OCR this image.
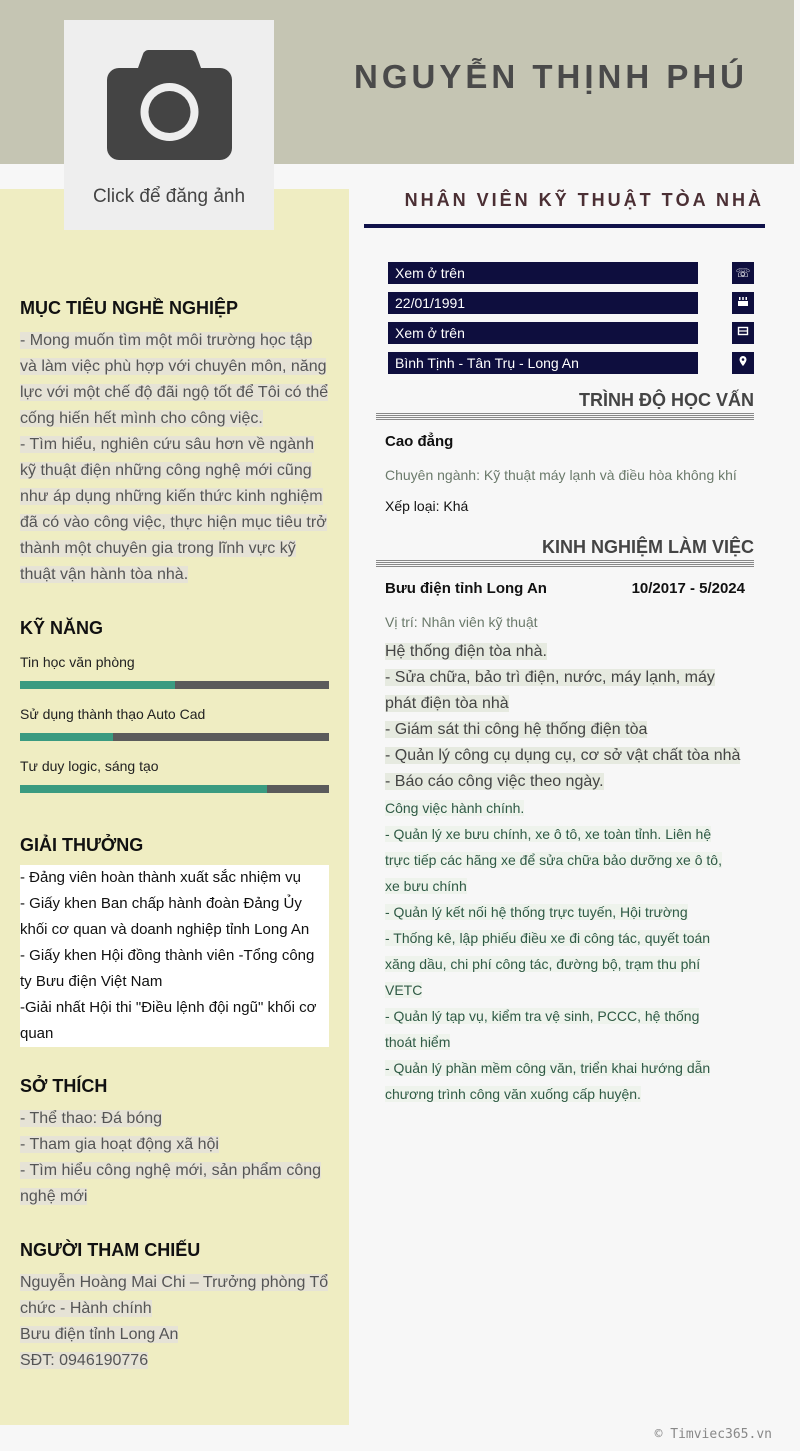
NGUYỄN THỊNH PHÚ
Click để đăng ảnh	NHÂN VIÊN KỸ THUẬT TÒA NHÀ
Xem ở trên	☏
22/01/1991
Xem ở trên
Bình Tịnh - Tân Trụ - Long An
MỤC TIÊU NGHỀ NGHIỆP
- Mong muốn tìm một môi trường học tập
và làm việc phù hợp với chuyên môn, năng
lực với một chế độ đãi ngộ tốt để Tôi có thể
cống hiến hết mình cho công việc.
- Tìm hiểu, nghiên cứu sâu hơn về ngành
kỹ thuật điện những công nghệ mới cũng
như áp dụng những kiến thức kinh nghiệm
đã có vào công việc, thực hiện mục tiêu trở
thành một chuyên gia trong lĩnh vực kỹ
thuật vận hành tòa nhà.
KỸ NĂNG
Tin học văn phòng
Sử dụng thành thạo Auto Cad
Tư duy logic, sáng tạo
GIẢI THƯỞNG
- Đảng viên hoàn thành xuất sắc nhiệm vụ
- Giấy khen Ban chấp hành đoàn Đảng Ủy
khối cơ quan và doanh nghiệp tỉnh Long An
- Giấy khen Hội đồng thành viên -Tổng công
ty Bưu điện Việt Nam
-Giải nhất Hội thi "Điều lệnh đội ngũ" khối cơ
quan
SỞ THÍCH
- Thể thao: Đá bóng
- Tham gia hoạt động xã hội
- Tìm hiểu công nghệ mới, sản phẩm công
nghệ mới
NGƯỜI THAM CHIẾU
Nguyễn Hoàng Mai Chi – Trưởng phòng Tổ
chức - Hành chính
Bưu điện tỉnh Long An
SĐT: 0946190776
TRÌNH ĐỘ HỌC VẤN
Cao đẳng
Chuyên ngành: Kỹ thuật máy lạnh và điều hòa không khí
Xếp loại: Khá
KINH NGHIỆM LÀM VIỆC
Bưu điện tỉnh Long An	10/2017 - 5/2024
Vị trí: Nhân viên kỹ thuật
Hệ thống điện tòa nhà.
- Sửa chữa, bảo trì điện, nước, máy lạnh, máy
phát điện tòa nhà
- Giám sát thi công hệ thống điện tòa
- Quản lý công cụ dụng cụ, cơ sở vật chất tòa nhà
- Báo cáo công việc theo ngày.
Công việc hành chính.
- Quản lý xe bưu chính, xe ô tô, xe toàn tỉnh. Liên hệ
trực tiếp các hãng xe để sửa chữa bảo dưỡng xe ô tô,
xe bưu chính
- Quản lý kết nối hệ thống trực tuyến, Hội trường
- Thống kê, lập phiếu điều xe đi công tác, quyết toán
xăng dầu, chi phí công tác, đường bộ, trạm thu phí
VETC
- Quản lý tạp vụ, kiểm tra vệ sinh, PCCC, hệ thống
thoát hiểm
- Quản lý phần mềm công văn, triển khai hướng dẫn
chương trình công văn xuống cấp huyện.
© Timviec365.vn
